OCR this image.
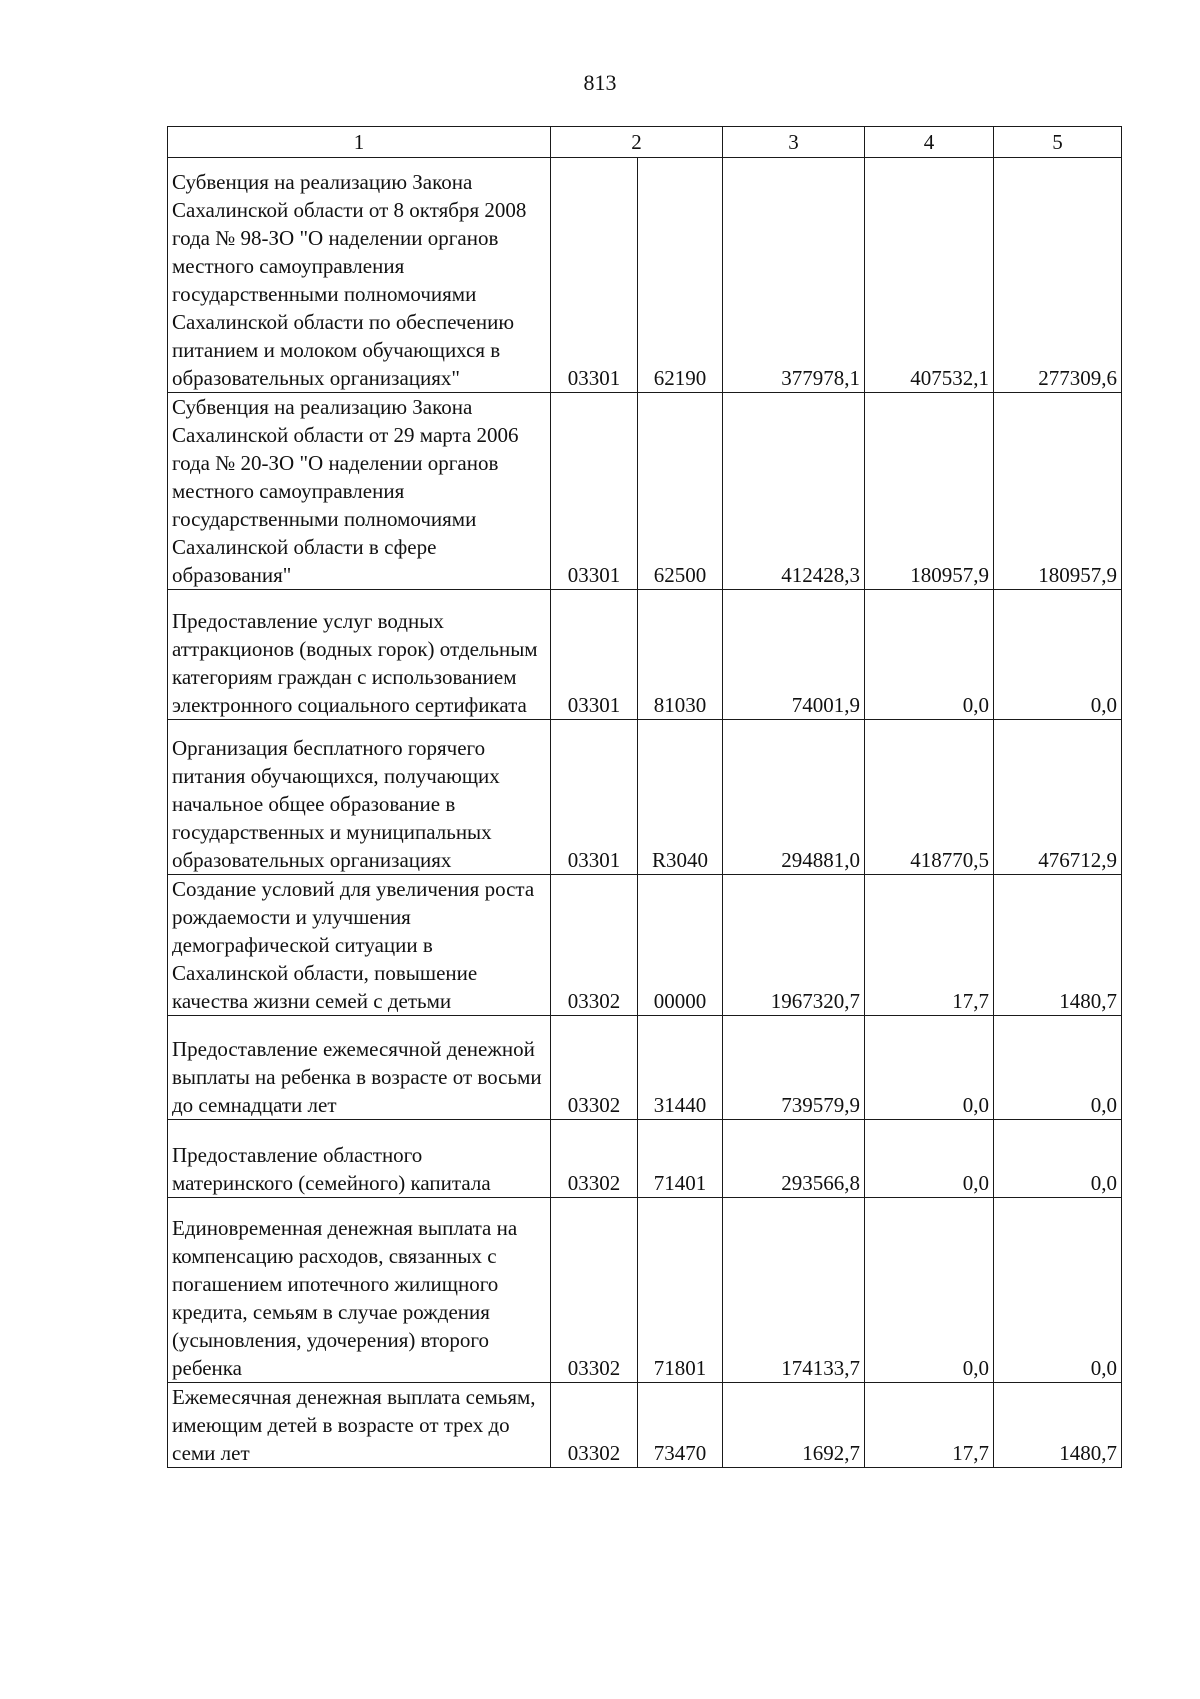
813
1	2		3	4	5
Субвенция на реализацию Закона Сахалинской области от 8 октября 2008 года № 98-ЗО "О наделении органов местного самоуправления государственными полномочиями Сахалинской области по обеспечению питанием и молоком обучающихся в образовательных организациях"	03301	62190	377978,1	407532,1	277309,6
Субвенция на реализацию Закона Сахалинской области от 29 марта 2006 года № 20-ЗО "О наделении органов местного самоуправления государственными полномочиями Сахалинской области в сфере образования"	03301	62500	412428,3	180957,9	180957,9
Предоставление услуг водных аттракционов (водных горок) отдельным категориям граждан с использованием электронного социального сертификата	03301	81030	74001,9	0,0	0,0
Организация бесплатного горячего питания обучающихся, получающих начальное общее образование в государственных и муниципальных образовательных организациях	03301	R3040	294881,0	418770,5	476712,9
Создание условий для увеличения роста рождаемости и улучшения демографической ситуации в Сахалинской области, повышение качества жизни семей с детьми	03302	00000	1967320,7	17,7	1480,7
Предоставление ежемесячной денежной выплаты на ребенка в возрасте от восьми до семнадцати лет	03302	31440	739579,9	0,0	0,0
Предоставление областного материнского (семейного) капитала	03302	71401	293566,8	0,0	0,0
Единовременная денежная выплата на компенсацию расходов, связанных с погашением ипотечного жилищного кредита, семьям в случае рождения (усыновления, удочерения) второго ребенка	03302	71801	174133,7	0,0	0,0
Ежемесячная денежная выплата семьям, имеющим детей в возрасте от трех до семи лет	03302	73470	1692,7	17,7	1480,7
